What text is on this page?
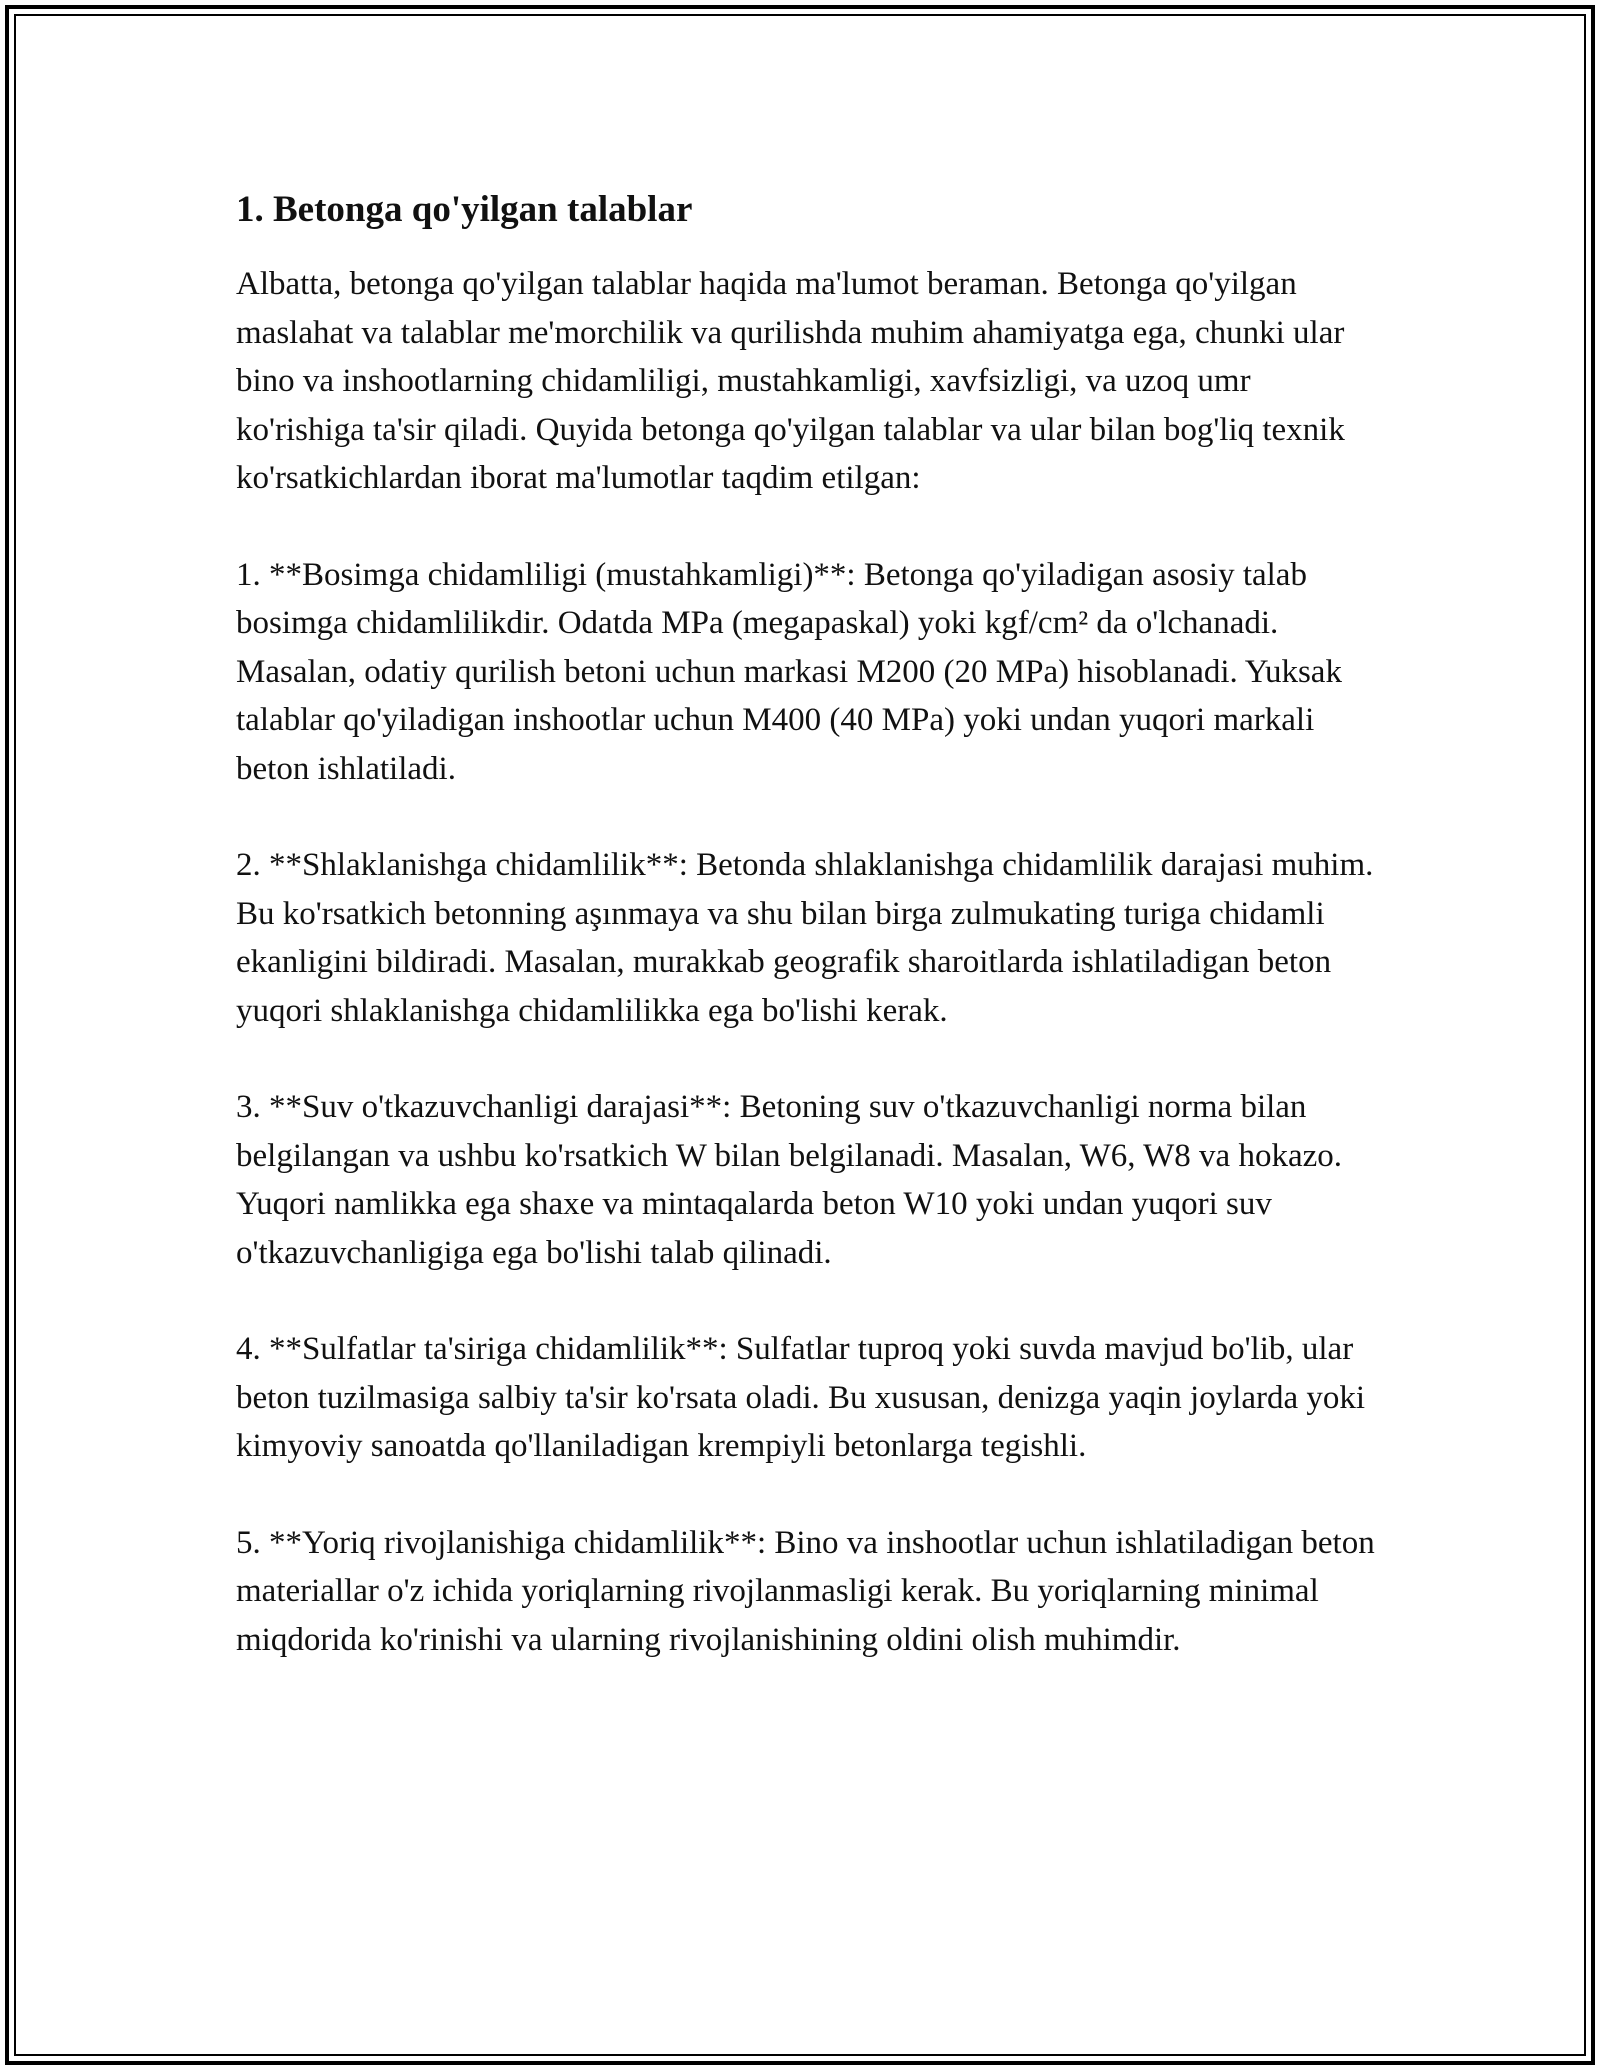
1. Betonga qo'yilgan talablar

Albatta, betonga qo'yilgan talablar haqida ma'lumot beraman. Betonga qo'yilgan maslahat va talablar me'morchilik va qurilishda muhim ahamiyatga ega, chunki ular bino va inshootlarning chidamliligi, mustahkamligi, xavfsizligi, va uzoq umr ko'rishiga ta'sir qiladi. Quyida betonga qo'yilgan talablar va ular bilan bog'liq texnik ko'rsatkichlardan iborat ma'lumotlar taqdim etilgan:

1. **Bosimga chidamliligi (mustahkamligi)**: Betonga qo'yiladigan asosiy talab bosimga chidamlilikdir. Odatda MPa (megapaskal) yoki kgf/cm² da o'lchanadi. Masalan, odatiy qurilish betoni uchun markasi M200 (20 MPa) hisoblanadi. Yuksak talablar qo'yiladigan inshootlar uchun M400 (40 MPa) yoki undan yuqori markali beton ishlatiladi.

2. **Shlaklanishga chidamlilik**: Betonda shlaklanishga chidamlilik darajasi muhim. Bu ko'rsatkich betonning aşınmaya va shu bilan birga zulmukating turiga chidamli ekanligini bildiradi. Masalan, murakkab geografik sharoitlarda ishlatiladigan beton yuqori shlaklanishga chidamlilikka ega bo'lishi kerak.

3. **Suv o'tkazuvchanligi darajasi**: Betoning suv o'tkazuvchanligi norma bilan belgilangan va ushbu ko'rsatkich W bilan belgilanadi. Masalan, W6, W8 va hokazo. Yuqori namlikka ega shaxe va mintaqalarda beton W10 yoki undan yuqori suv o'tkazuvchanligiga ega bo'lishi talab qilinadi.

4. **Sulfatlar ta'siriga chidamlilik**: Sulfatlar tuproq yoki suvda mavjud bo'lib, ular beton tuzilmasiga salbiy ta'sir ko'rsata oladi. Bu xususan, denizga yaqin joylarda yoki kimyoviy sanoatda qo'llaniladigan krempiyli betonlarga tegishli.

5. **Yoriq rivojlanishiga chidamlilik**: Bino va inshootlar uchun ishlatiladigan beton materiallar o'z ichida yoriqlarning rivojlanmasligi kerak. Bu yoriqlarning minimal miqdorida ko'rinishi va ularning rivojlanishining oldini olish muhimdir.
